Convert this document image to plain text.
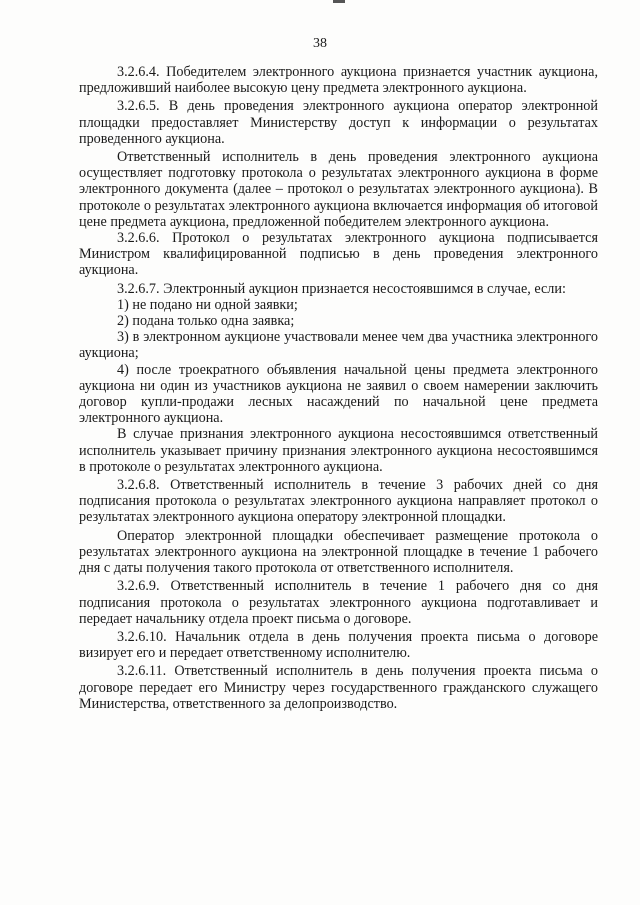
38

3.2.6.4. Победителем электронного аукциона признается участник аукциона, предложивший наиболее высокую цену предмета электронного аукциона.

3.2.6.5. В день проведения электронного аукциона оператор электронной площадки предоставляет Министерству доступ к информации о результатах проведенного аукциона.

Ответственный исполнитель в день проведения электронного аукциона осуществляет подготовку протокола о результатах электронного аукциона в форме электронного документа (далее – протокол о результатах электронного аукциона). В протоколе о результатах электронного аукциона включается информация об итоговой цене предмета аукциона, предложенной победителем электронного аукциона.

3.2.6.6. Протокол о результатах электронного аукциона подписывается Министром квалифицированной подписью в день проведения электронного аукциона.

3.2.6.7. Электронный аукцион признается несостоявшимся в случае, если:

1) не подано ни одной заявки;

2) подана только одна заявка;

3) в электронном аукционе участвовали менее чем два участника электронного аукциона;

4) после троекратного объявления начальной цены предмета электронного аукциона ни один из участников аукциона не заявил о своем намерении заключить договор купли-продажи лесных насаждений по начальной цене предмета электронного аукциона.

В случае признания электронного аукциона несостоявшимся ответственный исполнитель указывает причину признания электронного аукциона несостоявшимся в протоколе о результатах электронного аукциона.

3.2.6.8. Ответственный исполнитель в течение 3 рабочих дней со дня подписания протокола о результатах электронного аукциона направляет протокол о результатах электронного аукциона оператору электронной площадки.

Оператор электронной площадки обеспечивает размещение протокола о результатах электронного аукциона на электронной площадке в течение 1 рабочего дня с даты получения такого протокола от ответственного исполнителя.

3.2.6.9. Ответственный исполнитель в течение 1 рабочего дня со дня подписания протокола о результатах электронного аукциона подготавливает и передает начальнику отдела проект письма о договоре.

3.2.6.10. Начальник отдела в день получения проекта письма о договоре визирует его и передает ответственному исполнителю.

3.2.6.11. Ответственный исполнитель в день получения проекта письма о договоре передает его Министру через государственного гражданского служащего Министерства, ответственного за делопроизводство.
